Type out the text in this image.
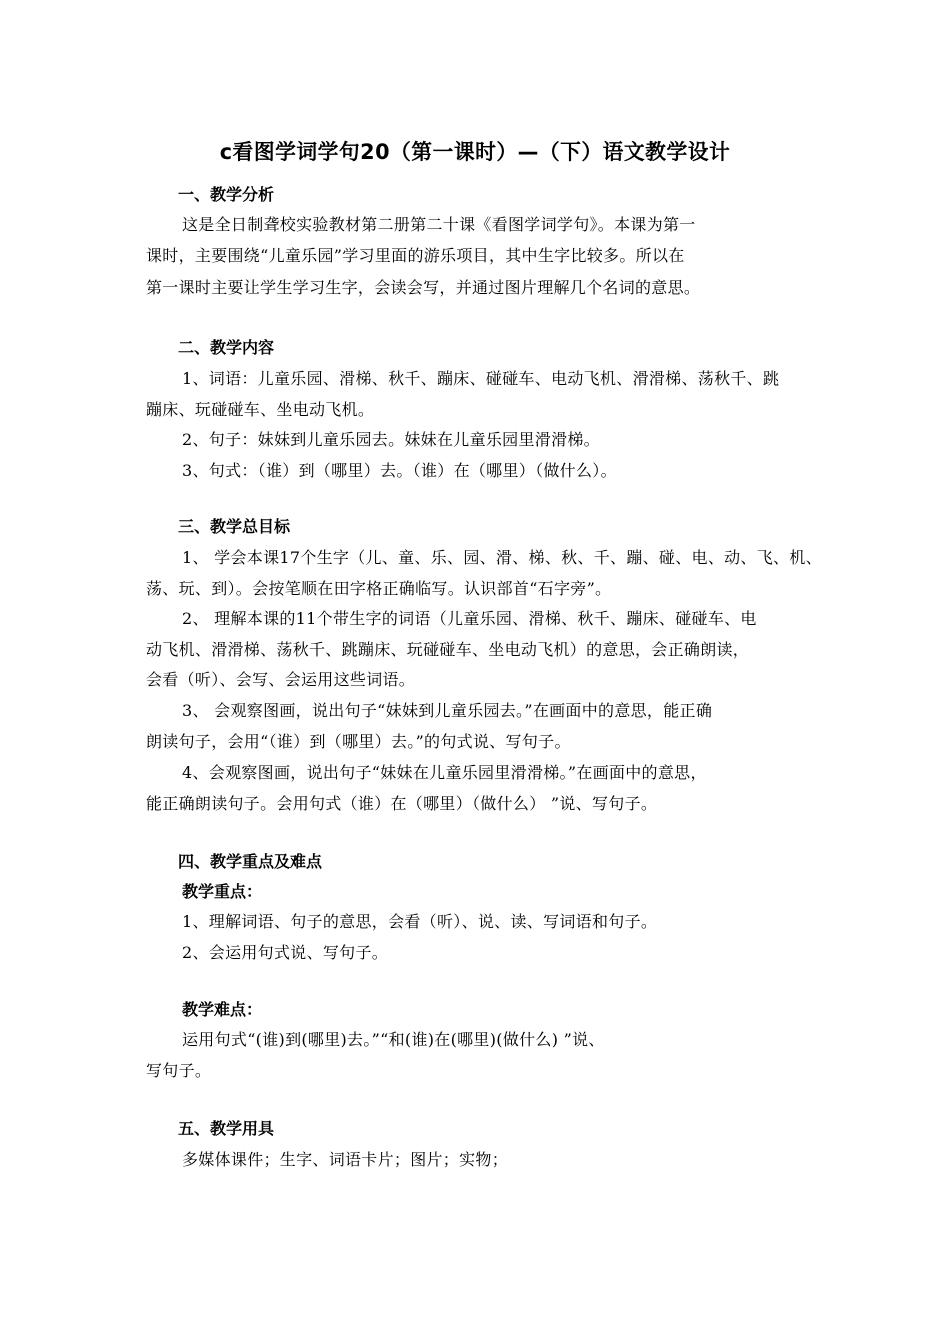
c看图学词学句20（第一课时）—（下）语文教学设计
一、教学分析
这是全日制聋校实验教材第二册第二十课《看图学词学句》。本课为第一
课时，主要围绕“儿童乐园”学习里面的游乐项目，其中生字比较多。所以在
第一课时主要让学生学习生字，会读会写，并通过图片理解几个名词的意思。
二、教学内容
1、词语：儿童乐园、滑梯、秋千、蹦床、碰碰车、电动飞机、滑滑梯、荡秋千、跳
蹦床、玩碰碰车、坐电动飞机。
2、句子：妹妹到儿童乐园去。妹妹在儿童乐园里滑滑梯。
3、句式：（谁）到（哪里）去。（谁）在（哪里）（做什么）。
三、教学总目标
1、 学会本课17个生字（儿、童、乐、园、滑、梯、秋、千、蹦、碰、电、动、飞、机、
荡、玩、到）。会按笔顺在田字格正确临写。认识部首“石字旁”。
2、 理解本课的11个带生字的词语（儿童乐园、滑梯、秋千、蹦床、碰碰车、电
动飞机、滑滑梯、荡秋千、跳蹦床、玩碰碰车、坐电动飞机）的意思，会正确朗读，
会看（听）、会写、会运用这些词语。
3、 会观察图画，说出句子“妹妹到儿童乐园去。”在画面中的意思，能正确
朗读句子，会用“（谁）到（哪里）去。”的句式说、写句子。
4、会观察图画，说出句子“妹妹在儿童乐园里滑滑梯。”在画面中的意思，
能正确朗读句子。会用句式（谁）在（哪里）（做什么） ”说、写句子。
四、教学重点及难点
教学重点：
1、理解词语、句子的意思，会看（听）、说、读、写词语和句子。
2、会运用句式说、写句子。
教学难点：
运用句式“(谁)到(哪里)去。”“和(谁)在(哪里)(做什么) ”说、
写句子。
五、教学用具
多媒体课件；生字、词语卡片；图片；实物；
